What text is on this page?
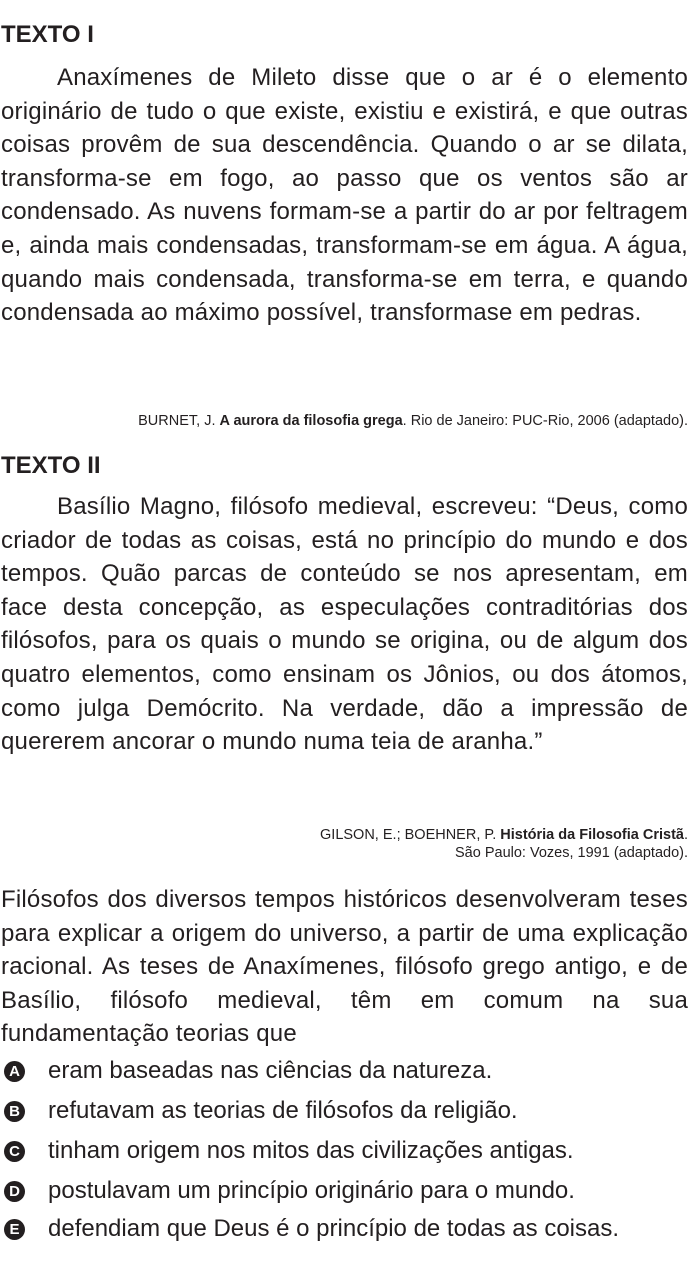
TEXTO I

Anaxímenes de Mileto disse que o ar é o elemento originário de tudo o que existe, existiu e existirá, e que outras coisas provêm de sua descendência. Quando o ar se dilata, transforma-se em fogo, ao passo que os ventos são ar condensado. As nuvens formam-se a partir do ar por feltragem e, ainda mais condensadas, transformam-se em água. A água, quando mais condensada, transforma-se em terra, e quando condensada ao máximo possível, transformase em pedras.

BURNET, J. A aurora da filosofia grega. Rio de Janeiro: PUC-Rio, 2006 (adaptado).

TEXTO II

Basílio Magno, filósofo medieval, escreveu: “Deus, como criador de todas as coisas, está no princípio do mundo e dos tempos. Quão parcas de conteúdo se nos apresentam, em face desta concepção, as especulações contraditórias dos filósofos, para os quais o mundo se origina, ou de algum dos quatro elementos, como ensinam os Jônios, ou dos átomos, como julga Demócrito. Na verdade, dão a impressão de quererem ancorar o mundo numa teia de aranha.”

GILSON, E.; BOEHNER, P. História da Filosofia Cristã.
São Paulo: Vozes, 1991 (adaptado).

Filósofos dos diversos tempos históricos desenvolveram teses para explicar a origem do universo, a partir de uma explicação racional. As teses de Anaxímenes, filósofo grego antigo, e de Basílio, filósofo medieval, têm em comum na sua fundamentação teorias que

A eram baseadas nas ciências da natureza.
B refutavam as teorias de filósofos da religião.
C tinham origem nos mitos das civilizações antigas.
D postulavam um princípio originário para o mundo.
E defendiam que Deus é o princípio de todas as coisas.
